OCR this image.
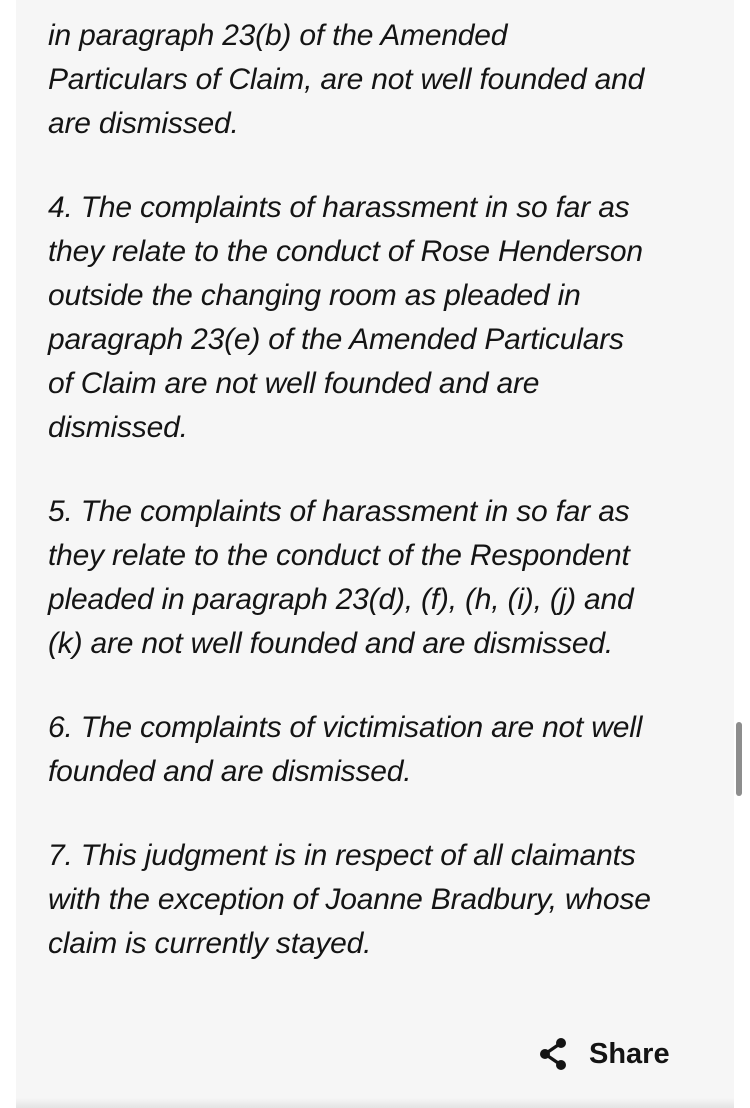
in paragraph 23(b) of the Amended
Particulars of Claim, are not well founded and
are dismissed.

4. The complaints of harassment in so far as
they relate to the conduct of Rose Henderson
outside the changing room as pleaded in
paragraph 23(e) of the Amended Particulars
of Claim are not well founded and are
dismissed.

5. The complaints of harassment in so far as
they relate to the conduct of the Respondent
pleaded in paragraph 23(d), (f), (h, (i), (j) and
(k) are not well founded and are dismissed.

6. The complaints of victimisation are not well
founded and are dismissed.

7. This judgment is in respect of all claimants
with the exception of Joanne Bradbury, whose
claim is currently stayed.

Share
